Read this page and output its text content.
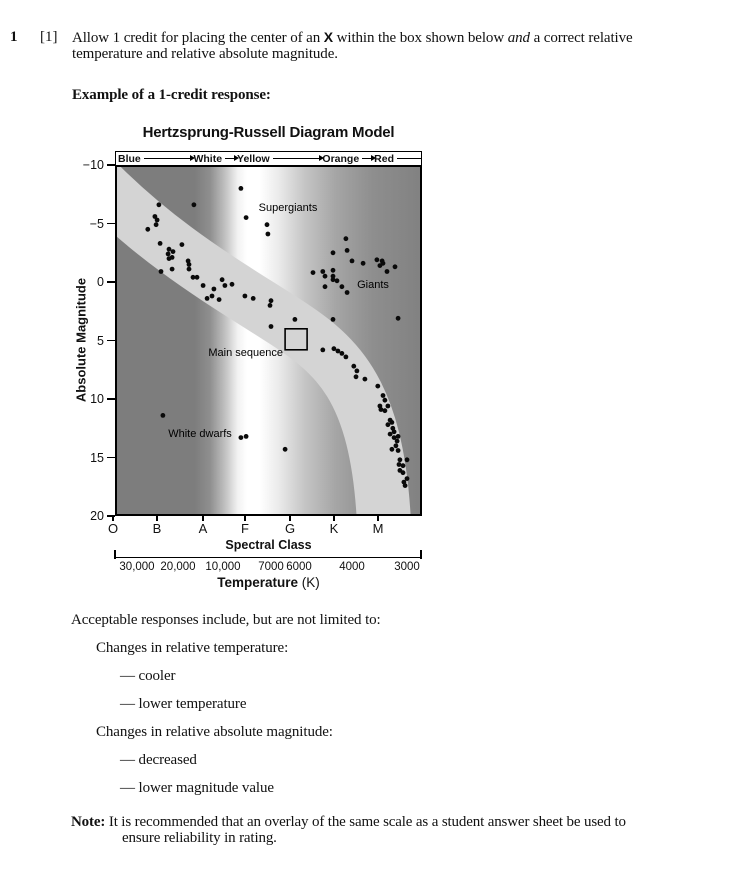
1 [1] Allow 1 credit for placing the center of an X within the box shown below and a correct relative
temperature and relative absolute magnitude.
Example of a 1-credit response:
Hertzsprung-Russell Diagram Model
Blue	White Yellow	Orange Red
Supergiants
Giants
Main sequence
White dwarfs
Absolute Magnitude
−10
−5
0
5
10
15
20
O	B	A	F	G	K	M
Spectral Class
30,000 20,000 10,000 7000 6000 4000	3000
Temperature (K)
Acceptable responses include, but are not limited to:
Changes in relative temperature:
— cooler
— lower temperature
Changes in relative absolute magnitude:
— decreased
— lower magnitude value
Note: It is recommended that an overlay of the same scale as a student answer sheet be used to
ensure reliability in rating.
